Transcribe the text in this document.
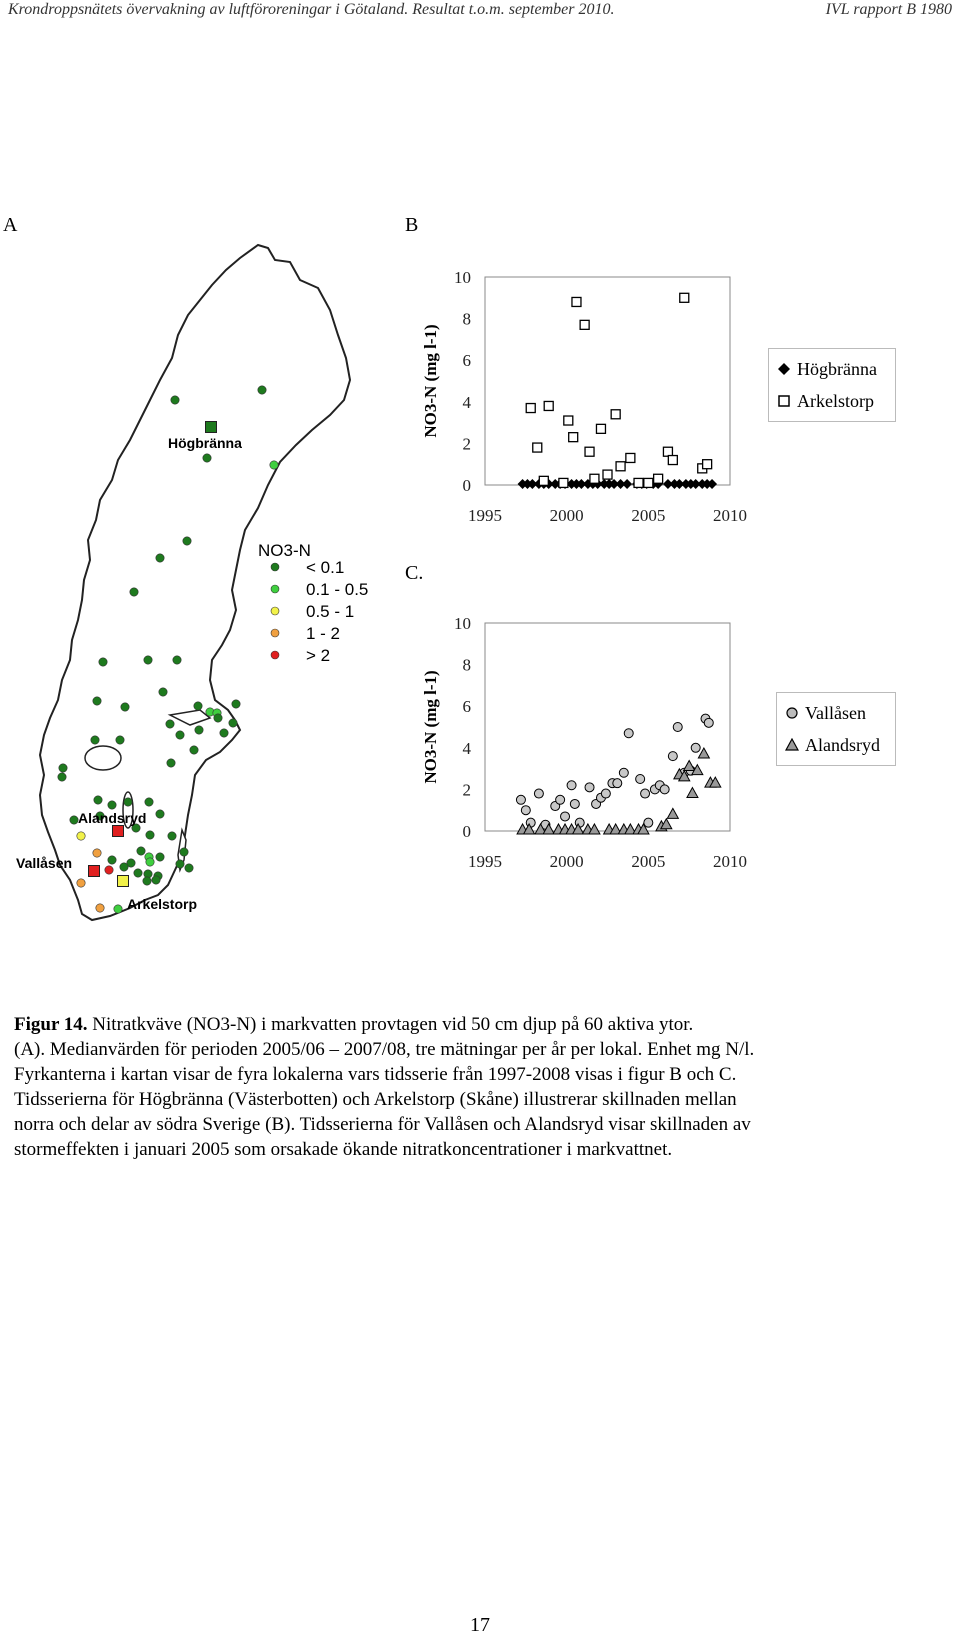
Krondroppsnätets övervakning av luftföroreningar i Götaland. Resultat t.o.m. september 2010.	IVL rapport B 1980
A	B
C.
NO3-N
< 0.1
0.1 - 0.5
0.5 - 1
1 - 2
> 2
Högbränna
Alandsryd
Vallåsen
Arkelstorp
NO3-N (mg l-1)
0
2
4
6
8
10
1995	2000	2005	2010
Högbränna
Arkelstorp
NO3-N (mg l-1)
0
2
4
6
8
10
1995	2000	2005	2010
Vallåsen
Alandsryd

Figur 14. Nitratkväve (NO3-N) i markvatten provtagen vid 50 cm djup på 60 aktiva ytor.

(A). Medianvärden för perioden 2005/06 – 2007/08, tre mätningar per år per lokal. Enhet mg N/l.

Fyrkanterna i kartan visar de fyra lokalerna vars tidsserie från 1997-2008 visas i figur B och C.

Tidsserierna för Högbränna (Västerbotten) och Arkelstorp (Skåne) illustrerar skillnaden mellan

norra och delar av södra Sverige (B). Tidsserierna för Vallåsen och Alandsryd visar skillnaden av

stormeffekten i januari 2005 som orsakade ökande nitratkoncentrationer i markvattnet.

17
